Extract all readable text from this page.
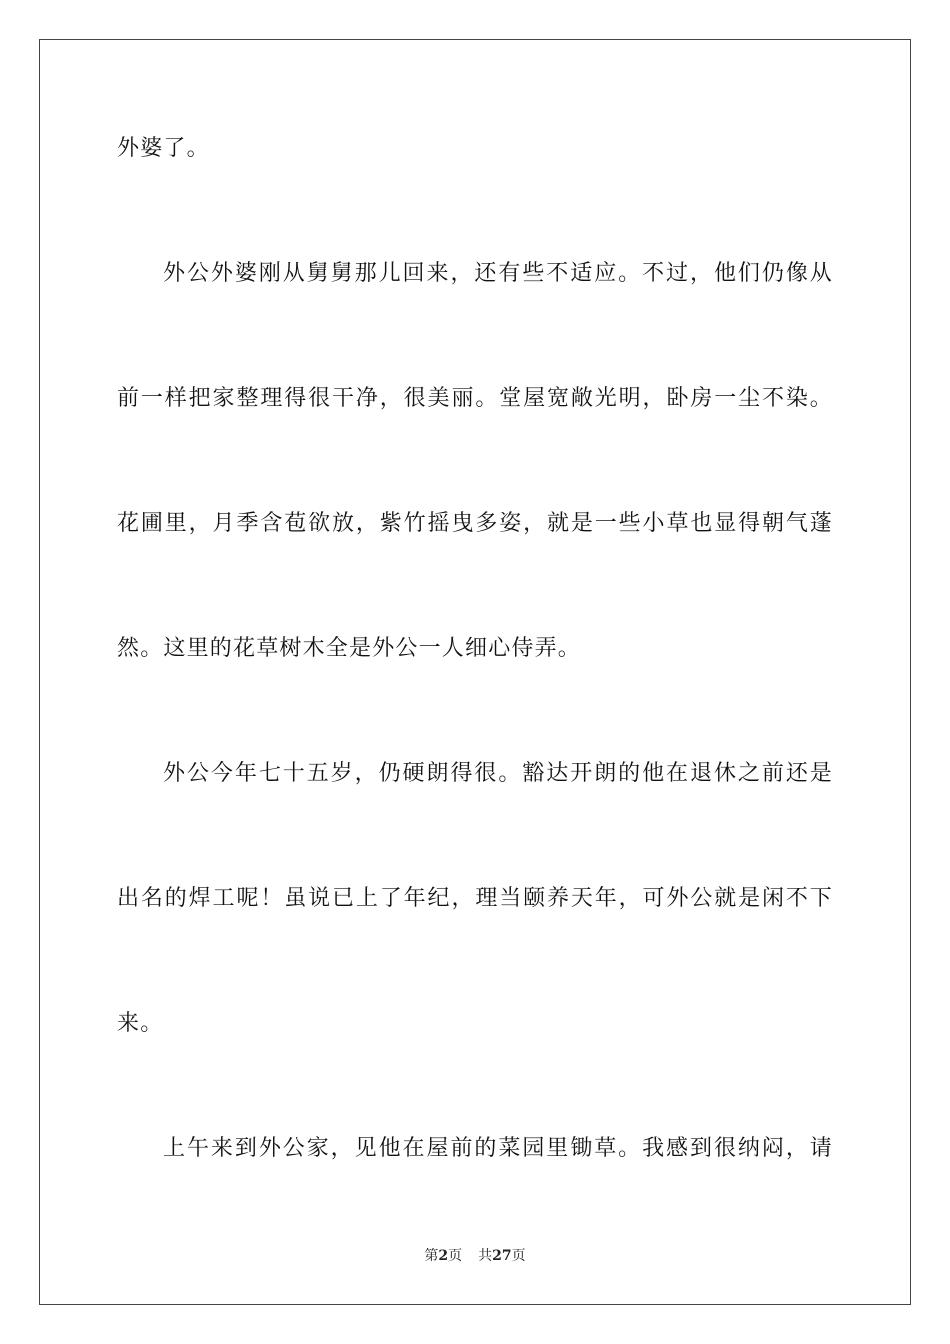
外婆了。

外公外婆刚从舅舅那儿回来，还有些不适应。不过，他们仍像从

前一样把家整理得很干净，很美丽。堂屋宽敞光明，卧房一尘不染。

花圃里，月季含苞欲放，紫竹摇曳多姿，就是一些小草也显得朝气蓬

然。这里的花草树木全是外公一人细心侍弄。

外公今年七十五岁，仍硬朗得很。豁达开朗的他在退休之前还是

出名的焊工呢！虽说已上了年纪，理当颐养天年，可外公就是闲不下

来。

上午来到外公家，见他在屋前的菜园里锄草。我感到很纳闷，请

第2页 共27页
